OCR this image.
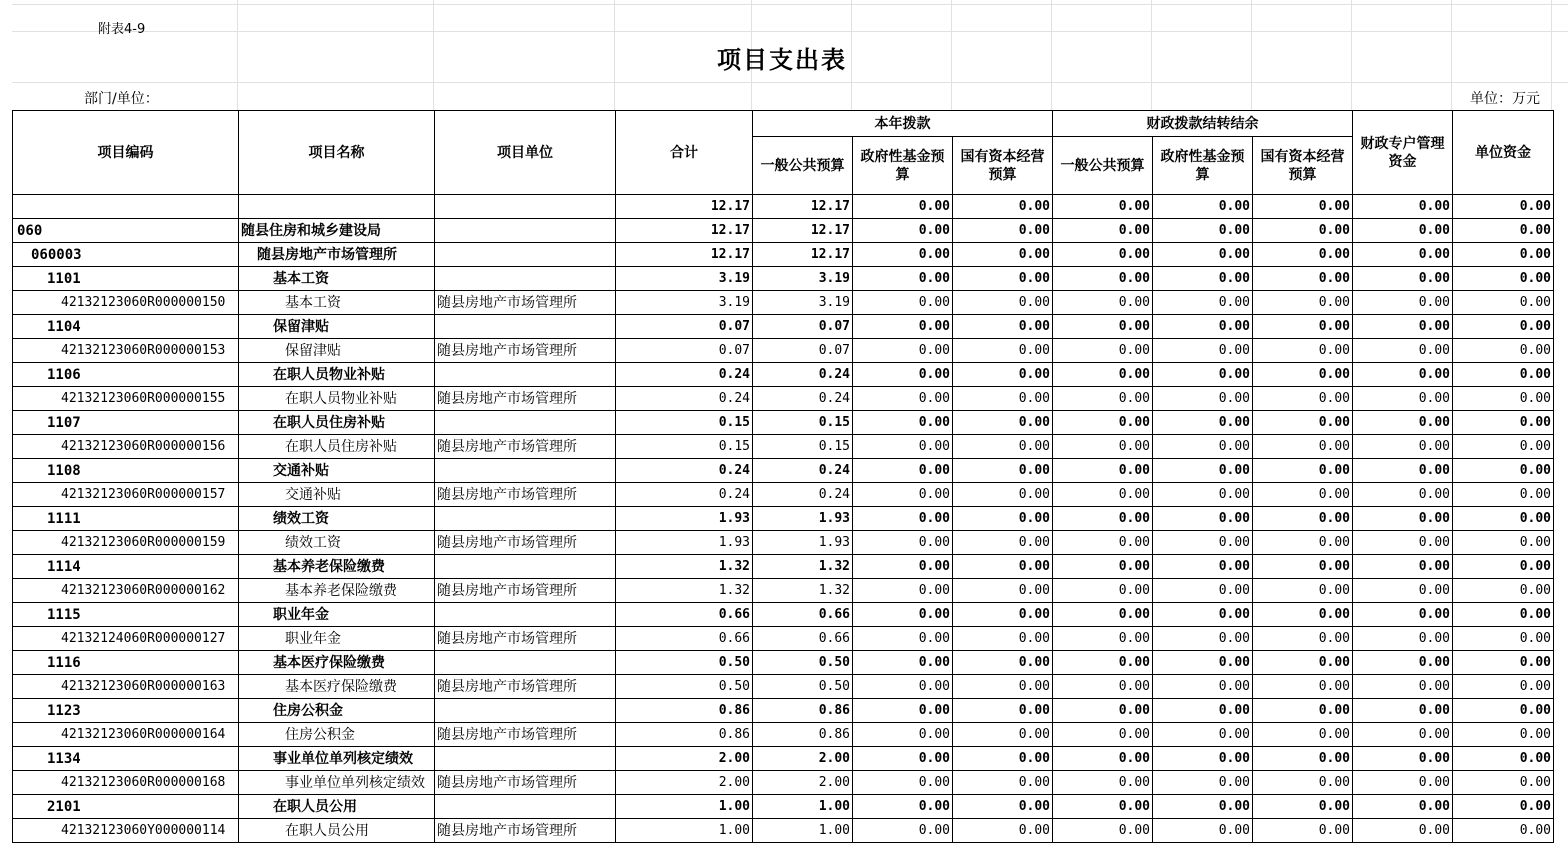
附表4-9
项目支出表
部门/单位：	单位：万元
项目编码	项目名称	项目单位	合计	本年拨款			财政拨款结转结余			财政专户管理资金	单位资金
				一般公共预算	政府性基金预算	国有资本经营预算	一般公共预算	政府性基金预算	国有资本经营预算		
			12.17	12.17	0.00	0.00	0.00	0.00	0.00	0.00	0.00
060	随县住房和城乡建设局		12.17	12.17	0.00	0.00	0.00	0.00	0.00	0.00	0.00
060003	随县房地产市场管理所		12.17	12.17	0.00	0.00	0.00	0.00	0.00	0.00	0.00
1101	基本工资		3.19	3.19	0.00	0.00	0.00	0.00	0.00	0.00	0.00
42132123060R000000150	基本工资	随县房地产市场管理所	3.19	3.19	0.00	0.00	0.00	0.00	0.00	0.00	0.00
1104	保留津贴		0.07	0.07	0.00	0.00	0.00	0.00	0.00	0.00	0.00
42132123060R000000153	保留津贴	随县房地产市场管理所	0.07	0.07	0.00	0.00	0.00	0.00	0.00	0.00	0.00
1106	在职人员物业补贴		0.24	0.24	0.00	0.00	0.00	0.00	0.00	0.00	0.00
42132123060R000000155	在职人员物业补贴	随县房地产市场管理所	0.24	0.24	0.00	0.00	0.00	0.00	0.00	0.00	0.00
1107	在职人员住房补贴		0.15	0.15	0.00	0.00	0.00	0.00	0.00	0.00	0.00
42132123060R000000156	在职人员住房补贴	随县房地产市场管理所	0.15	0.15	0.00	0.00	0.00	0.00	0.00	0.00	0.00
1108	交通补贴		0.24	0.24	0.00	0.00	0.00	0.00	0.00	0.00	0.00
42132123060R000000157	交通补贴	随县房地产市场管理所	0.24	0.24	0.00	0.00	0.00	0.00	0.00	0.00	0.00
1111	绩效工资		1.93	1.93	0.00	0.00	0.00	0.00	0.00	0.00	0.00
42132123060R000000159	绩效工资	随县房地产市场管理所	1.93	1.93	0.00	0.00	0.00	0.00	0.00	0.00	0.00
1114	基本养老保险缴费		1.32	1.32	0.00	0.00	0.00	0.00	0.00	0.00	0.00
42132123060R000000162	基本养老保险缴费	随县房地产市场管理所	1.32	1.32	0.00	0.00	0.00	0.00	0.00	0.00	0.00
1115	职业年金		0.66	0.66	0.00	0.00	0.00	0.00	0.00	0.00	0.00
42132124060R000000127	职业年金	随县房地产市场管理所	0.66	0.66	0.00	0.00	0.00	0.00	0.00	0.00	0.00
1116	基本医疗保险缴费		0.50	0.50	0.00	0.00	0.00	0.00	0.00	0.00	0.00
42132123060R000000163	基本医疗保险缴费	随县房地产市场管理所	0.50	0.50	0.00	0.00	0.00	0.00	0.00	0.00	0.00
1123	住房公积金		0.86	0.86	0.00	0.00	0.00	0.00	0.00	0.00	0.00
42132123060R000000164	住房公积金	随县房地产市场管理所	0.86	0.86	0.00	0.00	0.00	0.00	0.00	0.00	0.00
1134	事业单位单列核定绩效		2.00	2.00	0.00	0.00	0.00	0.00	0.00	0.00	0.00
42132123060R000000168	事业单位单列核定绩效	随县房地产市场管理所	2.00	2.00	0.00	0.00	0.00	0.00	0.00	0.00	0.00
2101	在职人员公用		1.00	1.00	0.00	0.00	0.00	0.00	0.00	0.00	0.00
42132123060Y000000114	在职人员公用	随县房地产市场管理所	1.00	1.00	0.00	0.00	0.00	0.00	0.00	0.00	0.00
